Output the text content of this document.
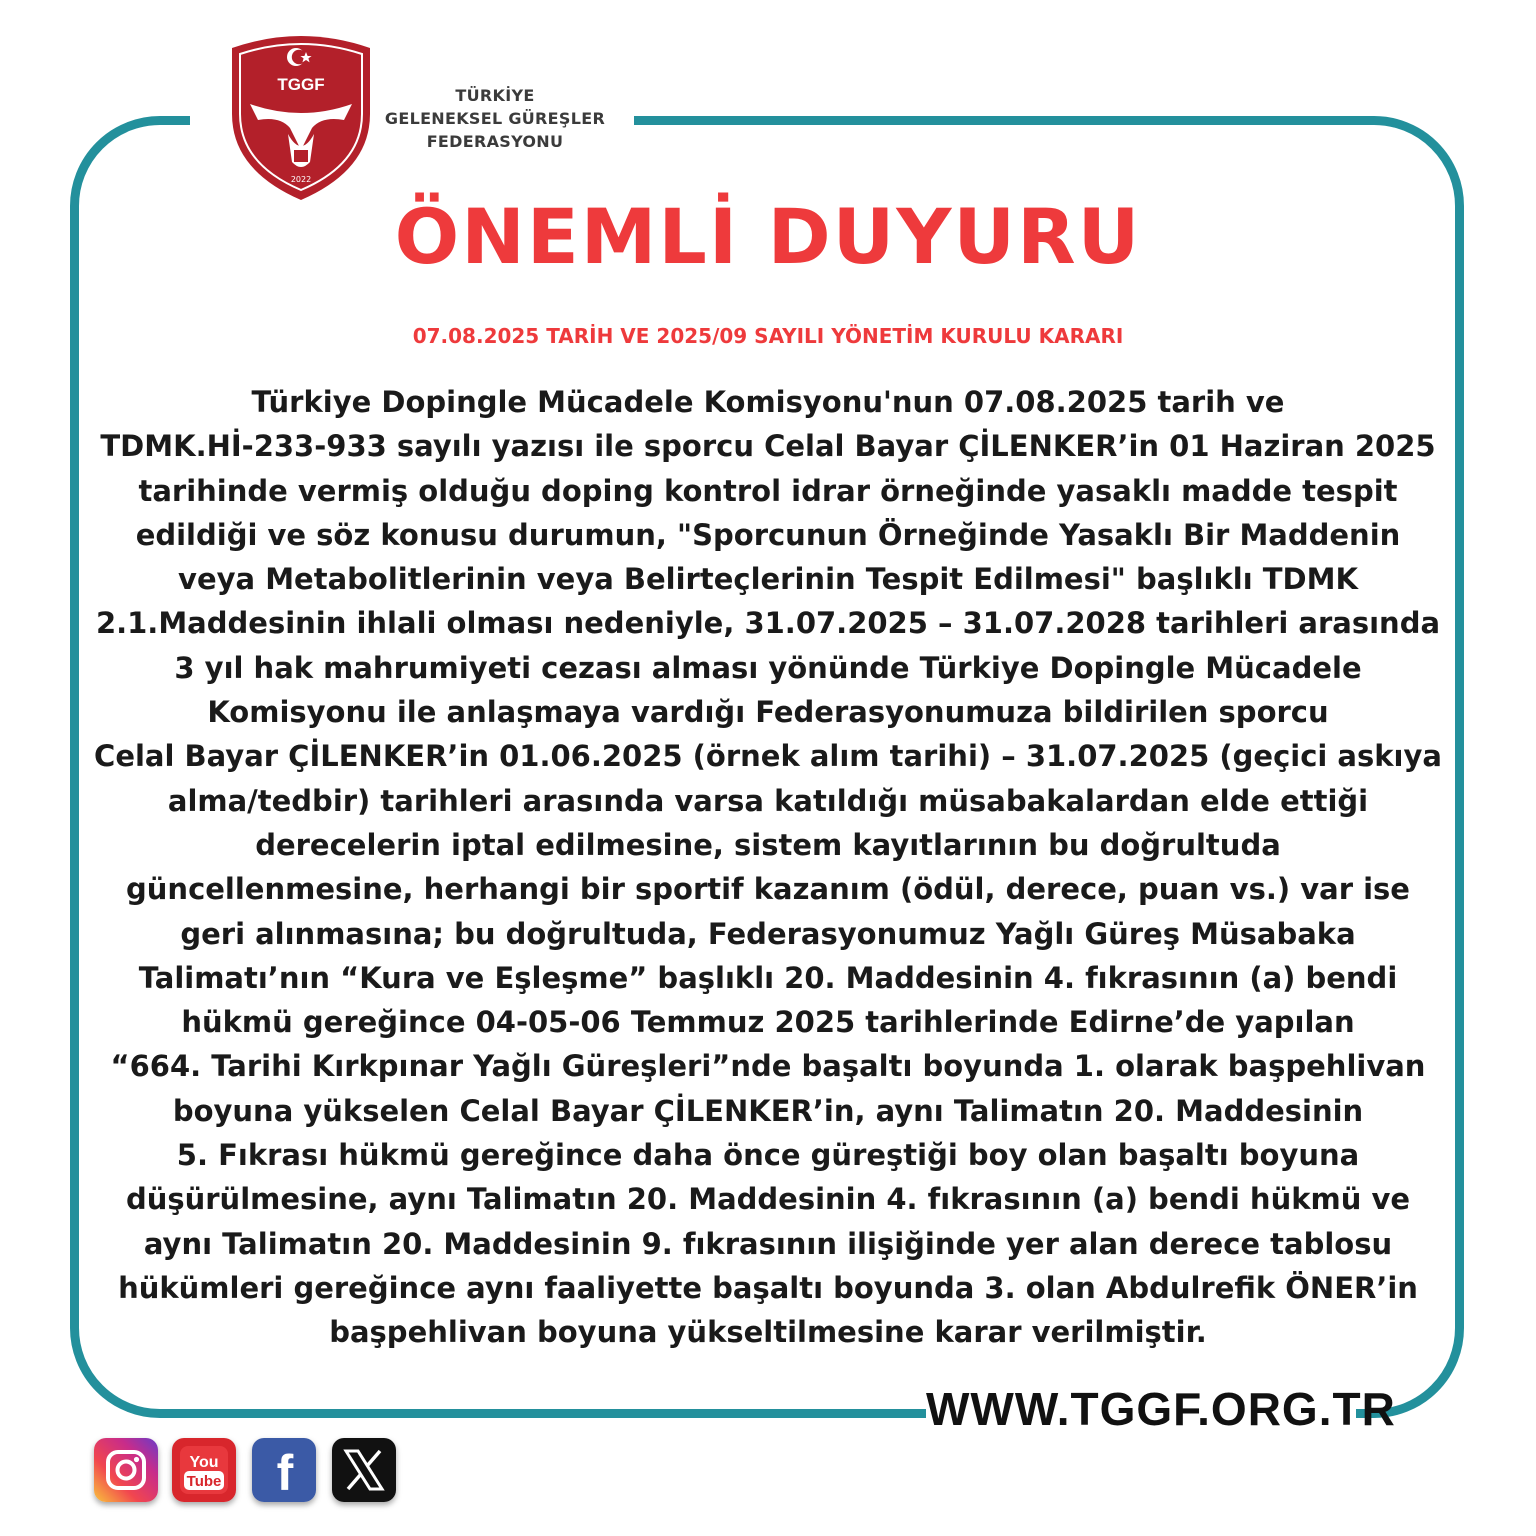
TGGF
2022
TÜRKİYE
GELENEKSEL GÜREŞLER
FEDERASYONU
ÖNEMLİ DUYURU
07.08.2025 TARİH VE 2025/09 SAYILI YÖNETİM KURULU KARARI
Türkiye Dopingle Mücadele Komisyonu'nun 07.08.2025 tarih ve
TDMK.Hİ-233-933 sayılı yazısı ile sporcu Celal Bayar ÇİLENKER’in 01 Haziran 2025
tarihinde vermiş olduğu doping kontrol idrar örneğinde yasaklı madde tespit
edildiği ve söz konusu durumun, "Sporcunun Örneğinde Yasaklı Bir Maddenin
veya Metabolitlerinin veya Belirteçlerinin Tespit Edilmesi" başlıklı TDMK
2.1.Maddesinin ihlali olması nedeniyle, 31.07.2025 – 31.07.2028 tarihleri arasında
3 yıl hak mahrumiyeti cezası alması yönünde Türkiye Dopingle Mücadele
Komisyonu ile anlaşmaya vardığı Federasyonumuza bildirilen sporcu
Celal Bayar ÇİLENKER’in 01.06.2025 (örnek alım tarihi) – 31.07.2025 (geçici askıya
alma/tedbir) tarihleri arasında varsa katıldığı müsabakalardan elde ettiği
derecelerin iptal edilmesine, sistem kayıtlarının bu doğrultuda
güncellenmesine, herhangi bir sportif kazanım (ödül, derece, puan vs.) var ise
geri alınmasına; bu doğrultuda, Federasyonumuz Yağlı Güreş Müsabaka
Talimatı’nın “Kura ve Eşleşme” başlıklı 20. Maddesinin 4. fıkrasının (a) bendi
hükmü gereğince 04-05-06 Temmuz 2025 tarihlerinde Edirne’de yapılan
“664. Tarihi Kırkpınar Yağlı Güreşleri”nde başaltı boyunda 1. olarak başpehlivan
boyuna yükselen Celal Bayar ÇİLENKER’in, aynı Talimatın 20. Maddesinin
5. Fıkrası hükmü gereğince daha önce güreştiği boy olan başaltı boyuna
düşürülmesine, aynı Talimatın 20. Maddesinin 4. fıkrasının (a) bendi hükmü ve
aynı Talimatın 20. Maddesinin 9. fıkrasının ilişiğinde yer alan derece tablosu
hükümleri gereğince aynı faaliyette başaltı boyunda 3. olan Abdulrefik ÖNER’in
başpehlivan boyuna yükseltilmesine karar verilmiştir.
WWW.TGGF.ORG.TR
You
Tube f
